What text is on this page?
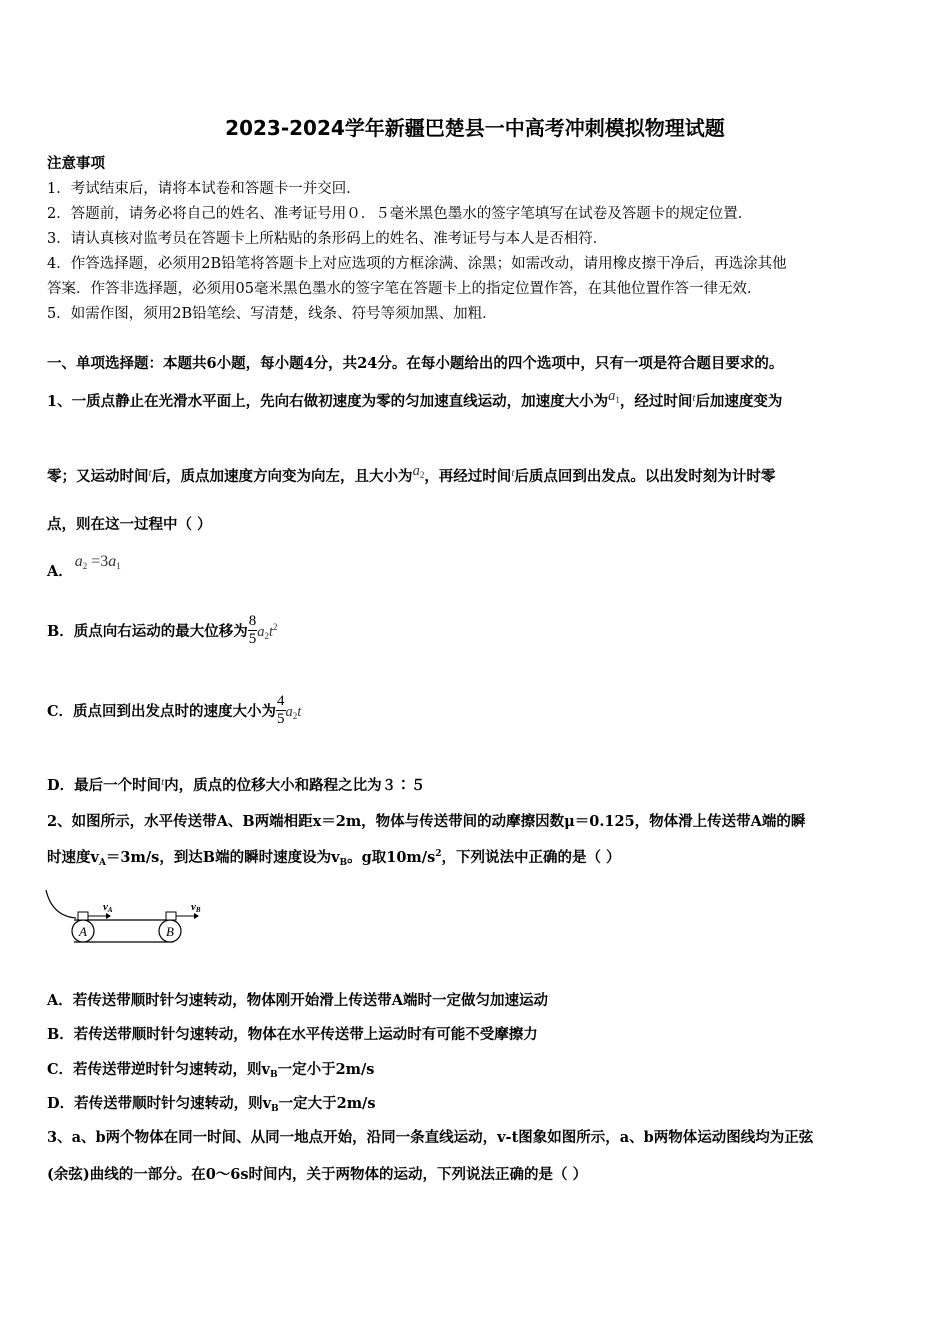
2023-2024学年新疆巴楚县一中高考冲刺模拟物理试题
注意事项
1．考试结束后，请将本试卷和答题卡一并交回．
2．答题前，请务必将自己的姓名、准考证号用０．５毫米黑色墨水的签字笔填写在试卷及答题卡的规定位置．
3．请认真核对监考员在答题卡上所粘贴的条形码上的姓名、准考证号与本人是否相符．
4．作答选择题，必须用2B铅笔将答题卡上对应选项的方框涂满、涂黑；如需改动，请用橡皮擦干净后，再选涂其他
答案．作答非选择题，必须用05毫米黑色墨水的签字笔在答题卡上的指定位置作答，在其他位置作答一律无效．
5．如需作图，须用2B铅笔绘、写清楚，线条、符号等须加黑、加粗．
一、单项选择题：本题共6小题，每小题4分，共24分。在每小题给出的四个选项中，只有一项是符合题目要求的。
1、一质点静止在光滑水平面上，先向右做初速度为零的匀加速直线运动，加速度大小为$a_1$，经过时间$^t$后加速度变为
零；又运动时间$^t$后，质点加速度方向变为向左，且大小为$a_2$，再经过时间$^t$后质点回到出发点。以出发时刻为计时零
点，则在这一过程中（ ）
A．$a_2 =3a_1$
B．质点向右运动的最大位移为 $\frac{8}{5} a_2t^2$
C．质点回到出发点时的速度大小为 $\frac{4}{5} a_2t$
D．最后一个时间$^t$内，质点的位移大小和路程之比为３∶５
2、如图所示，水平传送带A、B两端相距x＝2m，物体与传送带间的动摩擦因数μ＝0.125，物体滑上传送带A端的瞬
时速度$v_A=3m/s$，到达B端的瞬时速度设为$v_B$。g取$10m/s^2$，下列说法中正确的是（ ）
A	B
vA	vB
A．若传送带顺时针匀速转动，物体刚开始滑上传送带A端时一定做匀加速运动
B．若传送带顺时针匀速转动，物体在水平传送带上运动时有可能不受摩擦力
C．若传送带逆时针匀速转动，则$v_B$一定小于2m/s
D．若传送带顺时针匀速转动，则$v_B$一定大于2m/s
3、a、b两个物体在同一时间、从同一地点开始，沿同一条直线运动，v-t图象如图所示，a、b两物体运动图线均为正弦
(余弦)曲线的一部分。在0～6s时间内，关于两物体的运动，下列说法正确的是（ ）
